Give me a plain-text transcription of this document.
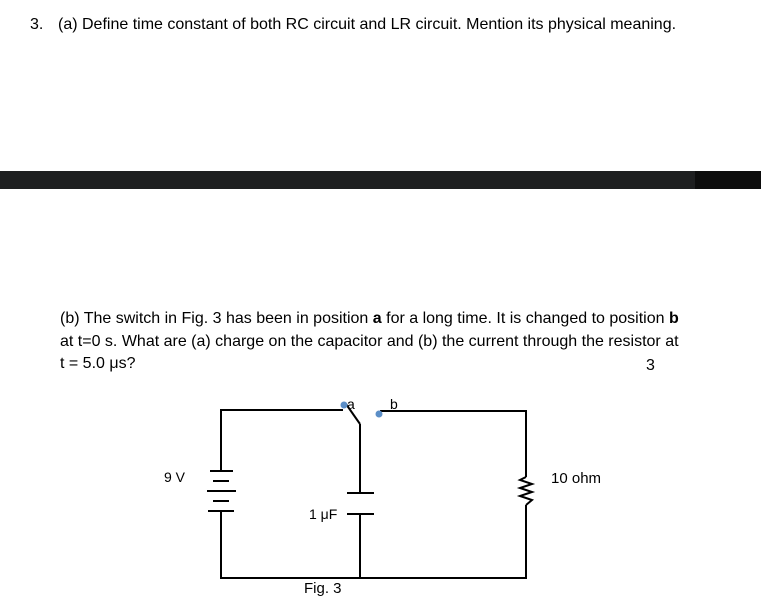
3. (a) Define time constant of both RC circuit and LR circuit. Mention its physical meaning.
(b) The switch in Fig. 3 has been in position a for a long time. It is changed to position b
at t=0 s. What are (a) charge on the capacitor and (b) the current through the resistor at
t = 5.0 μs?	3
a	b
9 V
1 μF
10 ohm
Fig. 3
